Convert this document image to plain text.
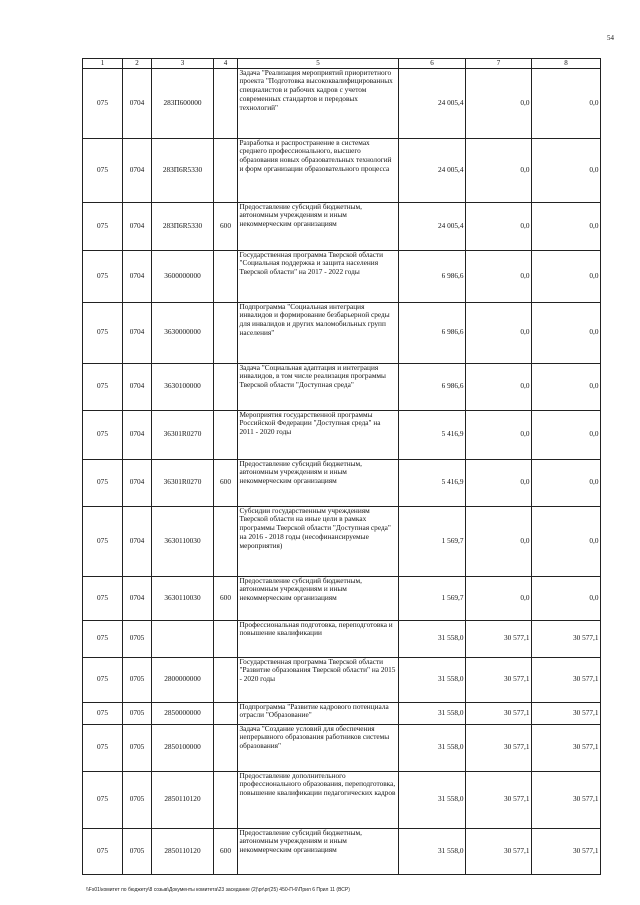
54
1	2	3	4	5	6	7	8
075	0704	283П600000		Задача "Реализация мероприятий приоритетного проекта "Подготовка высококвалифицированных специалистов и рабочих кадров с учетом современных стандартов и передовых технологий"	24 005,4	0,0	0,0
075	0704	283П6R5330		Разработка и распространение в системах среднего профессионального, высшего образования новых образовательных технологий и форм организации образовательного процесса	24 005,4	0,0	0,0
075	0704	283П6R5330	600	Предоставление субсидий бюджетным, автономным учреждениям и иным некоммерческим организациям	24 005,4	0,0	0,0
075	0704	3600000000		Государственная программа Тверской области "Социальная поддержка и защита населения Тверской области" на 2017 - 2022 годы	6 986,6	0,0	0,0
075	0704	3630000000		Подпрограмма "Социальная интеграция инвалидов и формирование безбарьерной среды для инвалидов и других маломобильных групп населения"	6 986,6	0,0	0,0
075	0704	3630100000		Задача "Социальная адаптация и интеграция инвалидов, в том числе реализация программы Тверской области "Доступная среда"	6 986,6	0,0	0,0
075	0704	36301R0270		Мероприятия государственной программы Российской Федерации "Доступная среда" на 2011 - 2020 годы	5 416,9	0,0	0,0
075	0704	36301R0270	600	Предоставление субсидий бюджетным, автономным учреждениям и иным некоммерческим организациям	5 416,9	0,0	0,0
075	0704	3630110030		Субсидии государственным учреждениям Тверской области на иные цели в рамках программы Тверской области "Доступная среда" на 2016 - 2018 годы (несофинансируемые мероприятия)	1 569,7	0,0	0,0
075	0704	3630110030	600	Предоставление субсидий бюджетным, автономным учреждениям и иным некоммерческим организациям	1 569,7	0,0	0,0
075	0705			Профессиональная подготовка, переподготовка и повышение квалификации	31 558,0	30 577,1	30 577,1
075	0705	2800000000		Государственная программа Тверской области "Развитие образования Тверской области" на 2015 - 2020 годы	31 558,0	30 577,1	30 577,1
075	0705	2850000000		Подпрограмма "Развитие кадрового потенциала отрасли "Образование"	31 558,0	30 577,1	30 577,1
075	0705	2850100000		Задача "Создание условий для обеспечения непрерывного образования работников системы образования"	31 558,0	30 577,1	30 577,1
075	0705	2850110120		Предоставление дополнительного профессионального образования, переподготовка, повышение квалификации педагогических кадров	31 558,0	30 577,1	30 577,1
075	0705	2850110120	600	Предоставление субсидий бюджетным, автономным учреждениям и иным некоммерческим организациям	31 558,0	30 577,1	30 577,1
\\Fs01\комитет по бюджету\8 созыв\Документы комитета\23 заседание (2)\pr\pr(25) 450-П-6\Прил 6 Прил 11 (ВСР)
